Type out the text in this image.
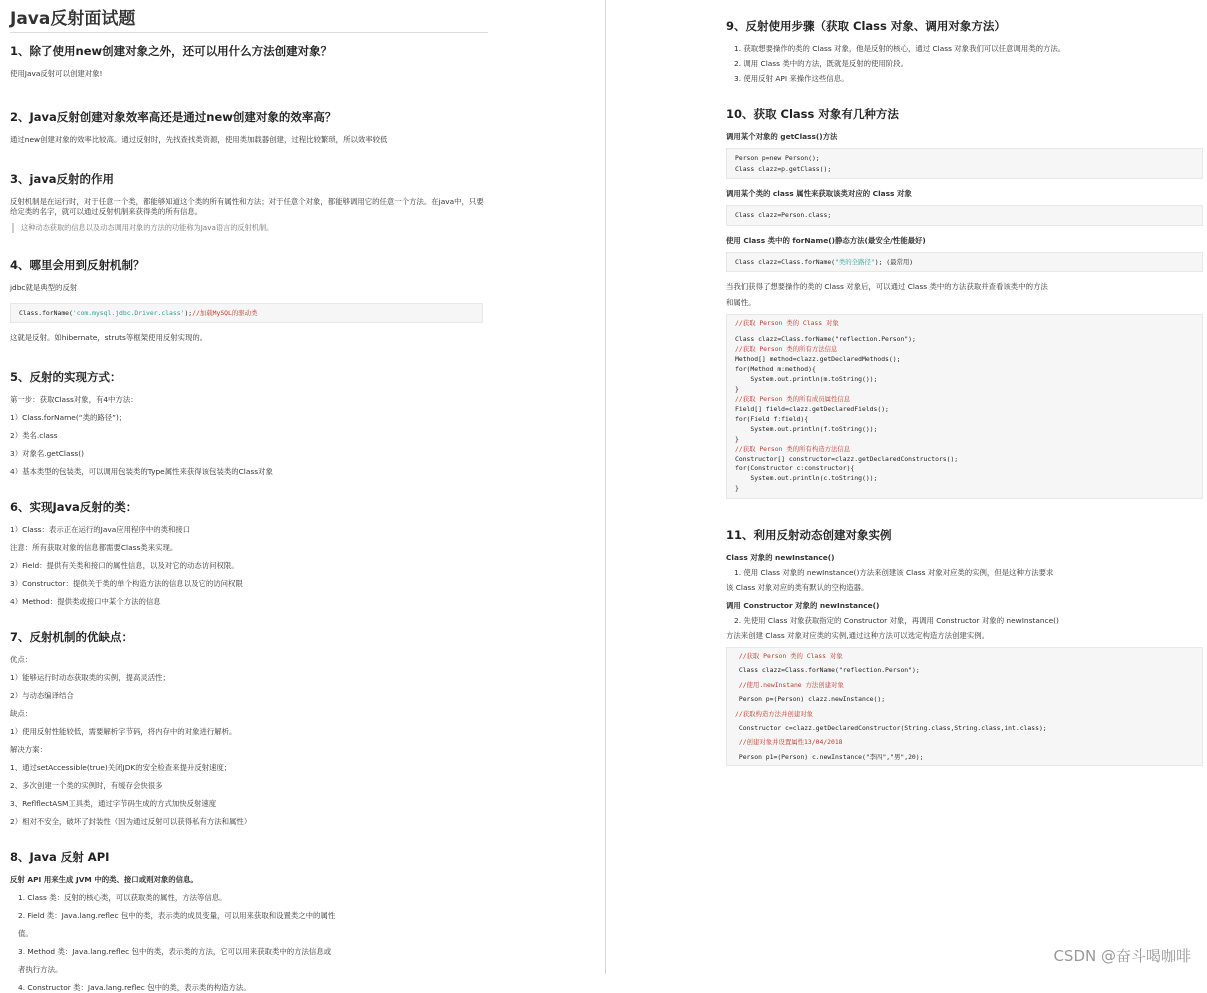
Java反射面试题
1、除了使用new创建对象之外，还可以用什么方法创建对象？

使用Java反射可以创建对象!

2、Java反射创建对象效率高还是通过new创建对象的效率高？

通过new创建对象的效率比较高。通过反射时，先找查找类资源，使用类加载器创建，过程比较繁琐，所以效率较低

3、java反射的作用

反射机制是在运行时，对于任意一个类，都能够知道这个类的所有属性和方法；对于任意个对象，都能够调用它的任意一个方法。在java中，只要给定类的名字，就可以通过反射机制来获得类的所有信息。

这种动态获取的信息以及动态调用对象的方法的功能称为Java语言的反射机制。
4、哪里会用到反射机制？

jdbc就是典型的反射

Class.forName('com.mysql.jdbc.Driver.class');//加载MySQL的驱动类

这就是反射。如hibernate，struts等框架使用反射实现的。

5、反射的实现方式：

第一步：获取Class对象，有4中方法：

1）Class.forName(“类的路径”)；

2）类名.class

3）对象名.getClass()

4）基本类型的包装类，可以调用包装类的Type属性来获得该包装类的Class对象

6、实现Java反射的类：

1）Class：表示正在运行的Java应用程序中的类和接口

注意：所有获取对象的信息都需要Class类来实现。

2）Field：提供有关类和接口的属性信息，以及对它的动态访问权限。

3）Constructor：提供关于类的单个构造方法的信息以及它的访问权限

4）Method：提供类或接口中某个方法的信息

7、反射机制的优缺点：

优点：

1）能够运行时动态获取类的实例，提高灵活性；

2）与动态编译结合

缺点：

1）使用反射性能较低，需要解析字节码，将内存中的对象进行解析。

解决方案：

1、通过setAccessible(true)关闭JDK的安全检查来提升反射速度；

2、多次创建一个类的实例时，有缓存会快很多

3、ReflflectASM工具类，通过字节码生成的方式加快反射速度

2）相对不安全，破坏了封装性（因为通过反射可以获得私有方法和属性）

8、Java 反射 API

反射 API 用来生成 JVM 中的类、接口或则对象的信息。

1. Class 类：反射的核心类，可以获取类的属性，方法等信息。

2. Field 类：Java.lang.reflec 包中的类，表示类的成员变量，可以用来获取和设置类之中的属性

值。

3. Method 类：Java.lang.reflec 包中的类，表示类的方法，它可以用来获取类中的方法信息或

者执行方法。

4. Constructor 类：Java.lang.reflec 包中的类，表示类的构造方法。

9、反射使用步骤（获取 Class 对象、调用对象方法）

1. 获取想要操作的类的 Class 对象，他是反射的核心，通过 Class 对象我们可以任意调用类的方法。

2. 调用 Class 类中的方法，既就是反射的使用阶段。

3. 使用反射 API 来操作这些信息。

10、获取 Class 对象有几种方法

调用某个对象的 getClass()方法

Person p=new Person();
Class clazz=p.getClass();

调用某个类的 class 属性来获取该类对应的 Class 对象

Class clazz=Person.class;

使用 Class 类中的 forName()静态方法(最安全/性能最好)

Class clazz=Class.forName("类的全路径"); (最常用)

当我们获得了想要操作的类的 Class 对象后，可以通过 Class 类中的方法获取并查看该类中的方法

和属性。

//获取 Person 类的 Class 对象
Class clazz=Class.forName("reflection.Person");
//获取 Person 类的所有方法信息
Method[] method=clazz.getDeclaredMethods();
for(Method m:method){
System.out.println(m.toString());
}
//获取 Person 类的所有成员属性信息
Field[] field=clazz.getDeclaredFields();
for(Field f:field){
System.out.println(f.toString());
}
//获取 Person 类的所有构造方法信息
Constructor[] constructor=clazz.getDeclaredConstructors();
for(Constructor c:constructor){
System.out.println(c.toString());
}
11、利用反射动态创建对象实例

Class 对象的 newInstance()

1. 使用 Class 对象的 newInstance()方法来创建该 Class 对象对应类的实例，但是这种方法要求

该 Class 对象对应的类有默认的空构造器。

调用 Constructor 对象的 newInstance()

2. 先使用 Class 对象获取指定的 Constructor 对象，再调用 Constructor 对象的 newInstance()

方法来创建 Class 对象对应类的实例,通过这种方法可以选定构造方法创建实例。

//获取 Person 类的 Class 对象
Class clazz=Class.forName("reflection.Person");
//使用.newInstane 方法创建对象
Person p=(Person) clazz.newInstance();
//获取构造方法并创建对象
Constructor c=clazz.getDeclaredConstructor(String.class,String.class,int.class);
//创建对象并设置属性13/04/2018
Person p1=(Person) c.newInstance("李四","男",20);
CSDN @奋斗喝咖啡
